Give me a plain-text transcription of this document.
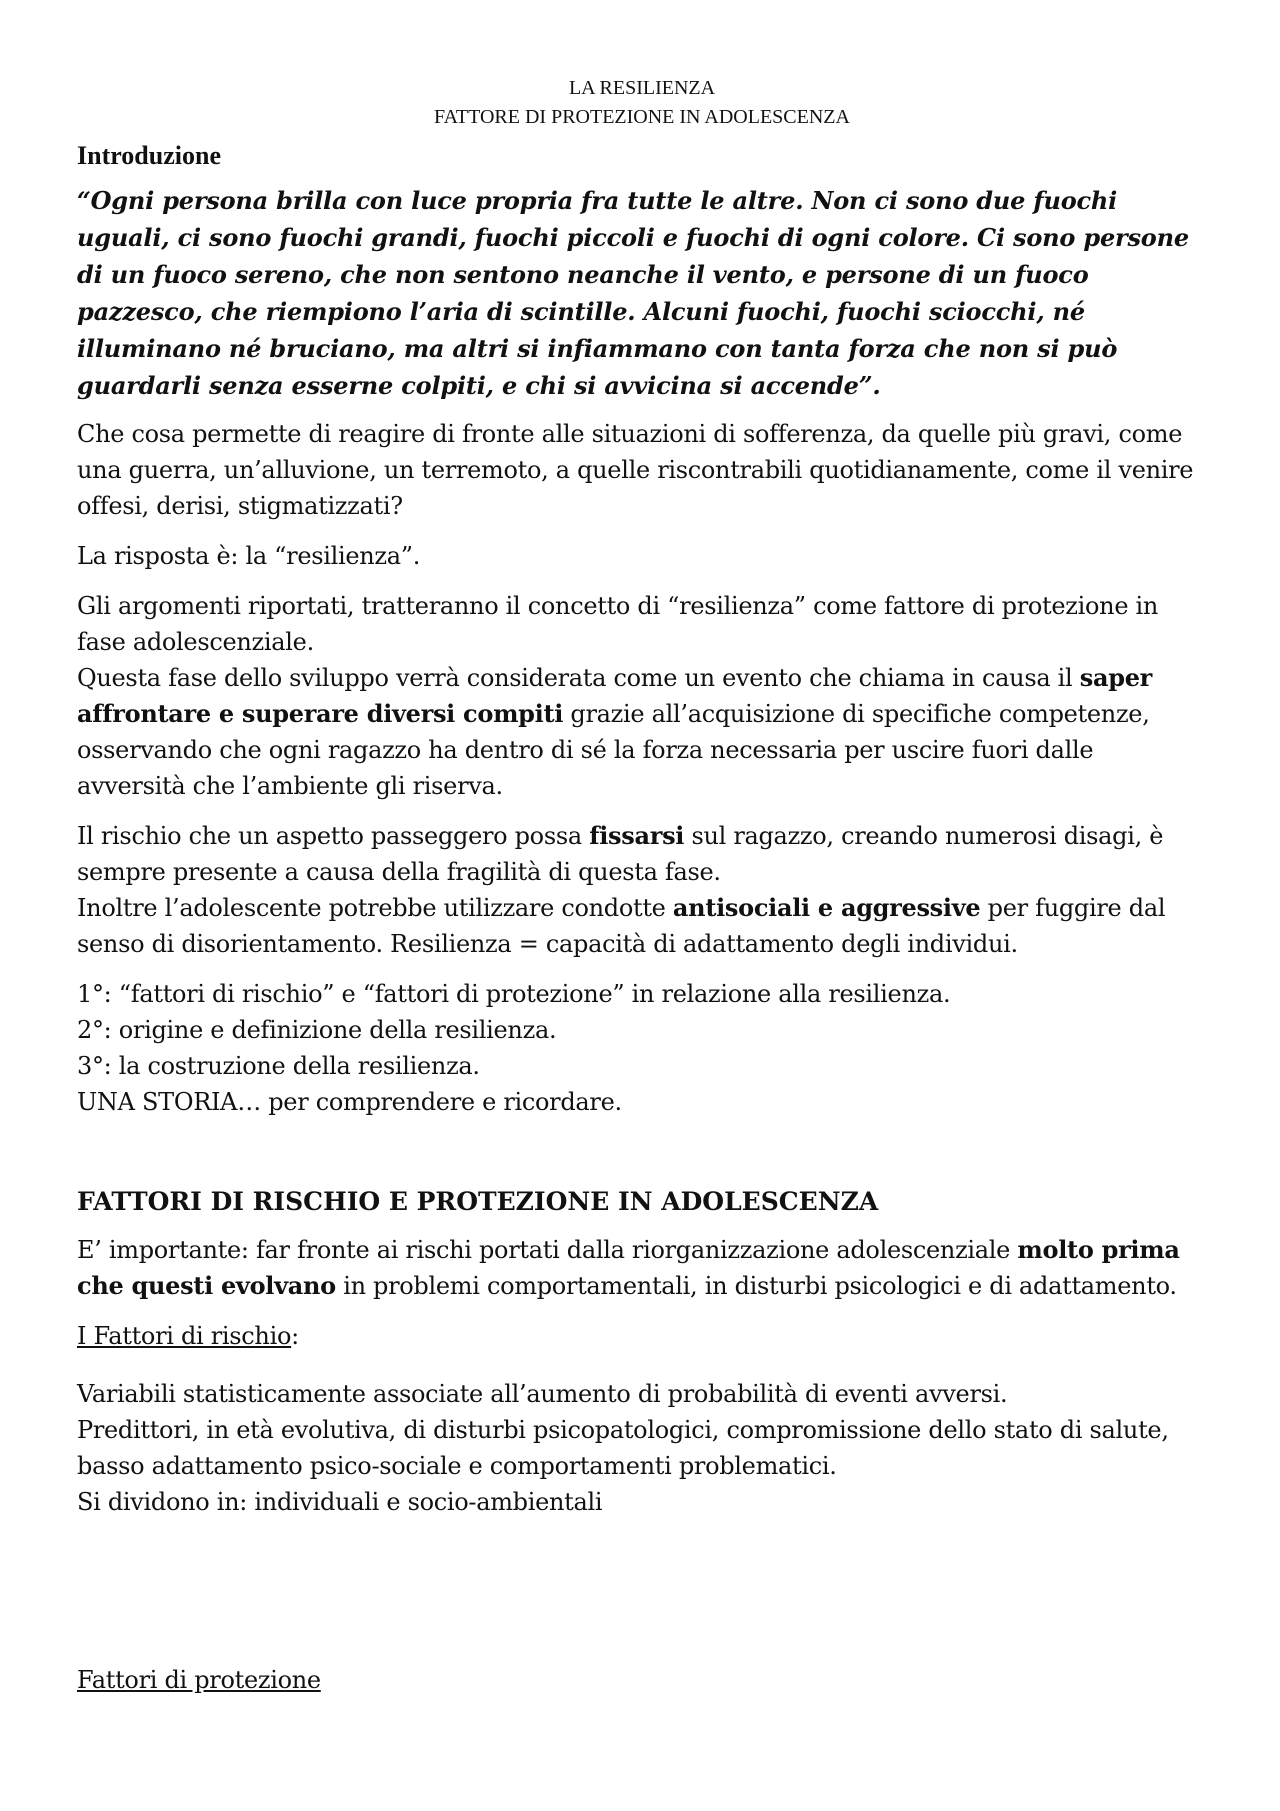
LA RESILIENZA
FATTORE DI PROTEZIONE IN ADOLESCENZA
Introduzione
“Ogni persona brilla con luce propria fra tutte le altre. Non ci sono due fuochi uguali, ci sono fuochi grandi, fuochi piccoli e fuochi di ogni colore. Ci sono persone di un fuoco sereno, che non sentono neanche il vento, e persone di un fuoco pazzesco, che riempiono l’aria di scintille. Alcuni fuochi, fuochi sciocchi, né illuminano né bruciano, ma altri si infiammano con tanta forza che non si può guardarli senza esserne colpiti, e chi si avvicina si accende”.
Che cosa permette di reagire di fronte alle situazioni di sofferenza, da quelle più gravi, come una guerra, un’alluvione, un terremoto, a quelle riscontrabili quotidianamente, come il venire offesi, derisi, stigmatizzati?
La risposta è: la “resilienza”.
Gli argomenti riportati, tratteranno il concetto di “resilienza” come fattore di protezione in fase adolescenziale.
Questa fase dello sviluppo verrà considerata come un evento che chiama in causa il saper affrontare e superare diversi compiti grazie all’acquisizione di specifiche competenze, osservando che ogni ragazzo ha dentro di sé la forza necessaria per uscire fuori dalle avversità che l’ambiente gli riserva.
Il rischio che un aspetto passeggero possa fissarsi sul ragazzo, creando numerosi disagi, è sempre presente a causa della fragilità di questa fase.
Inoltre l’adolescente potrebbe utilizzare condotte antisociali e aggressive per fuggire dal senso di disorientamento. Resilienza = capacità di adattamento degli individui.
1°: “fattori di rischio” e “fattori di protezione” in relazione alla resilienza.
2°: origine e definizione della resilienza.
3°: la costruzione della resilienza.
UNA STORIA… per comprendere e ricordare.
FATTORI DI RISCHIO E PROTEZIONE IN ADOLESCENZA
E’ importante: far fronte ai rischi portati dalla riorganizzazione adolescenziale molto prima che questi evolvano in problemi comportamentali, in disturbi psicologici e di adattamento.
I Fattori di rischio:
Variabili statisticamente associate all’aumento di probabilità di eventi avversi.
Predittori, in età evolutiva, di disturbi psicopatologici, compromissione dello stato di salute, basso adattamento psico-sociale e comportamenti problematici.
Si dividono in: individuali e socio-ambientali
Fattori di protezione
